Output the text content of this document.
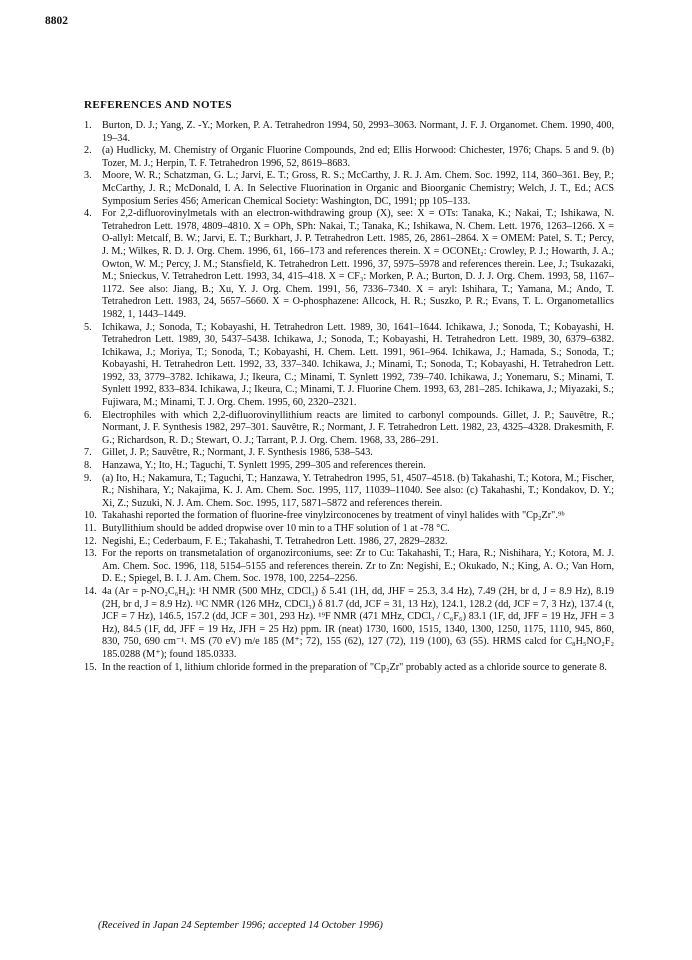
8802
REFERENCES AND NOTES
1.	Burton, D. J.; Yang, Z. -Y.; Morken, P. A. Tetrahedron 1994, 50, 2993–3063. Normant, J. F. J. Organomet. Chem. 1990, 400, 19–34.
2.	(a) Hudlicky, M. Chemistry of Organic Fluorine Compounds, 2nd ed; Ellis Horwood: Chichester, 1976; Chaps. 5 and 9. (b) Tozer, M. J.; Herpin, T. F. Tetrahedron 1996, 52, 8619–8683.
3.	Moore, W. R.; Schatzman, G. L.; Jarvi, E. T.; Gross, R. S.; McCarthy, J. R. J. Am. Chem. Soc. 1992, 114, 360–361. Bey, P.; McCarthy, J. R.; McDonald, I. A. In Selective Fluorination in Organic and Bioorganic Chemistry; Welch, J. T., Ed.; ACS Symposium Series 456; American Chemical Society: Washington, DC, 1991; pp 105–133.
4.	For 2,2-difluorovinylmetals with an electron-withdrawing group (X), see: X = OTs: Tanaka, K.; Nakai, T.; Ishikawa, N. Tetrahedron Lett. 1978, 4809–4810. X = OPh, SPh: Nakai, T.; Tanaka, K.; Ishikawa, N. Chem. Lett. 1976, 1263–1266. X = O-allyl: Metcalf, B. W.; Jarvi, E. T.; Burkhart, J. P. Tetrahedron Lett. 1985, 26, 2861–2864. X = OMEM: Patel, S. T.; Percy, J. M.; Wilkes, R. D. J. Org. Chem. 1996, 61, 166–173 and references therein. X = OCONEt₂: Crowley, P. J.; Howarth, J. A.; Owton, W. M.; Percy, J. M.; Stansfield, K. Tetrahedron Lett. 1996, 37, 5975–5978 and references therein. Lee, J.; Tsukazaki, M.; Snieckus, V. Tetrahedron Lett. 1993, 34, 415–418. X = CF₃: Morken, P. A.; Burton, D. J. J. Org. Chem. 1993, 58, 1167–1172. See also: Jiang, B.; Xu, Y. J. Org. Chem. 1991, 56, 7336–7340. X = aryl: Ishihara, T.; Yamana, M.; Ando, T. Tetrahedron Lett. 1983, 24, 5657–5660. X = O-phosphazene: Allcock, H. R.; Suszko, P. R.; Evans, T. L. Organometallics 1982, 1, 1443–1449.
5.	Ichikawa, J.; Sonoda, T.; Kobayashi, H. Tetrahedron Lett. 1989, 30, 1641–1644. Ichikawa, J.; Sonoda, T.; Kobayashi, H. Tetrahedron Lett. 1989, 30, 5437–5438. Ichikawa, J.; Sonoda, T.; Kobayashi, H. Tetrahedron Lett. 1989, 30, 6379–6382. Ichikawa, J.; Moriya, T.; Sonoda, T.; Kobayashi, H. Chem. Lett. 1991, 961–964. Ichikawa, J.; Hamada, S.; Sonoda, T.; Kobayashi, H. Tetrahedron Lett. 1992, 33, 337–340. Ichikawa, J.; Minami, T.; Sonoda, T.; Kobayashi, H. Tetrahedron Lett. 1992, 33, 3779–3782. Ichikawa, J.; Ikeura, C.; Minami, T. Synlett 1992, 739–740. Ichikawa, J.; Yonemaru, S.; Minami, T. Synlett 1992, 833–834. Ichikawa, J.; Ikeura, C.; Minami, T. J. Fluorine Chem. 1993, 63, 281–285. Ichikawa, J.; Miyazaki, S.; Fujiwara, M.; Minami, T. J. Org. Chem. 1995, 60, 2320–2321.
6.	Electrophiles with which 2,2-difluorovinyllithium reacts are limited to carbonyl compounds. Gillet, J. P.; Sauvêtre, R.; Normant, J. F. Synthesis 1982, 297–301. Sauvêtre, R.; Normant, J. F. Tetrahedron Lett. 1982, 23, 4325–4328. Drakesmith, F. G.; Richardson, R. D.; Stewart, O. J.; Tarrant, P. J. Org. Chem. 1968, 33, 286–291.
7.	Gillet, J. P.; Sauvêtre, R.; Normant, J. F. Synthesis 1986, 538–543.
8.	Hanzawa, Y.; Ito, H.; Taguchi, T. Synlett 1995, 299–305 and references therein.
9.	(a) Ito, H.; Nakamura, T.; Taguchi, T.; Hanzawa, Y. Tetrahedron 1995, 51, 4507–4518. (b) Takahashi, T.; Kotora, M.; Fischer, R.; Nishihara, Y.; Nakajima, K. J. Am. Chem. Soc. 1995, 117, 11039–11040. See also: (c) Takahashi, T.; Kondakov, D. Y.; Xi, Z.; Suzuki, N. J. Am. Chem. Soc. 1995, 117, 5871–5872 and references therein.
10. Takahashi reported the formation of fluorine-free vinylzirconocenes by treatment of vinyl halides with "Cp₂Zr".⁹ᵇ
11. Butyllithium should be added dropwise over 10 min to a THF solution of 1 at -78 °C.
12. Negishi, E.; Cederbaum, F. E.; Takahashi, T. Tetrahedron Lett. 1986, 27, 2829–2832.
13. For the reports on transmetalation of organozirconiums, see: Zr to Cu: Takahashi, T.; Hara, R.; Nishihara, Y.; Kotora, M. J. Am. Chem. Soc. 1996, 118, 5154–5155 and references therein. Zr to Zn: Negishi, E.; Okukado, N.; King, A. O.; Van Horn, D. E.; Spiegel, B. I. J. Am. Chem. Soc. 1978, 100, 2254–2256.
14. 4a (Ar = p-NO₂C₆H₄): ¹H NMR (500 MHz, CDCl₃) δ 5.41 (1H, dd, JHF = 25.3, 3.4 Hz), 7.49 (2H, br d, J = 8.9 Hz), 8.19 (2H, br d, J = 8.9 Hz). ¹³C NMR (126 MHz, CDCl₃) δ 81.7 (dd, JCF = 31, 13 Hz), 124.1, 128.2 (dd, JCF = 7, 3 Hz), 137.4 (t, JCF = 7 Hz), 146.5, 157.2 (dd, JCF = 301, 293 Hz). ¹⁹F NMR (471 MHz, CDCl₃ / C₆F₆) 83.1 (1F, dd, JFF = 19 Hz, JFH = 3 Hz), 84.5 (1F, dd, JFF = 19 Hz, JFH = 25 Hz) ppm. IR (neat) 1730, 1600, 1515, 1340, 1300, 1250, 1175, 1110, 945, 860, 830, 750, 690 cm⁻¹. MS (70 eV) m/e 185 (M⁺; 72), 155 (62), 127 (72), 119 (100), 63 (55). HRMS calcd for C₈H₅NO₂F₂ 185.0288 (M⁺); found 185.0333.
15. In the reaction of 1, lithium chloride formed in the preparation of "Cp₂Zr" probably acted as a chloride source to generate 8.
(Received in Japan 24 September 1996; accepted 14 October 1996)
